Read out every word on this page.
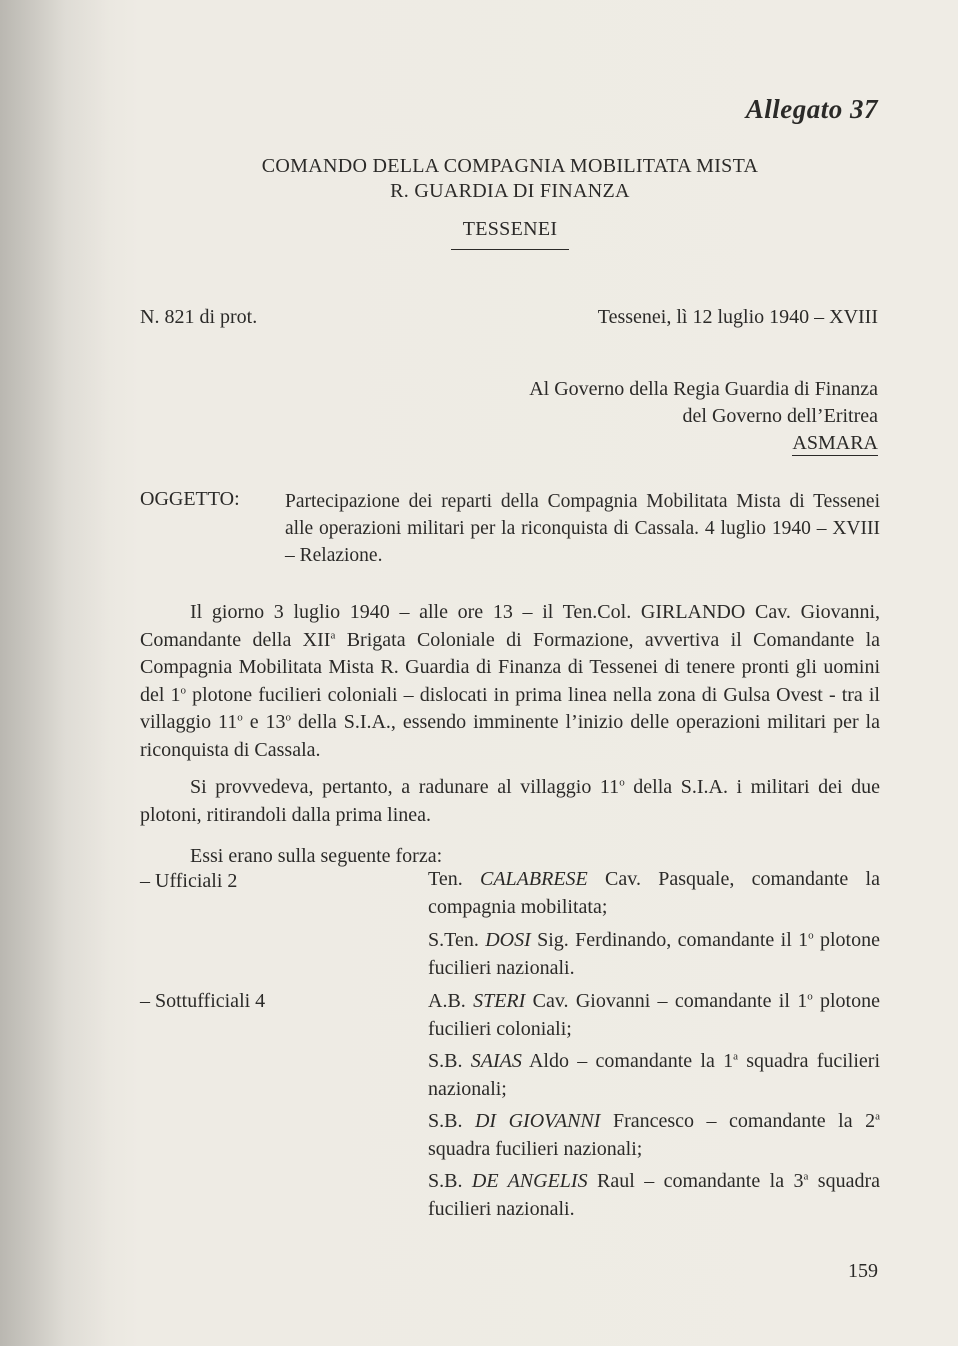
Allegato 37
COMANDO DELLA COMPAGNIA MOBILITATA MISTA
R. GUARDIA DI FINANZA
TESSENEI
N. 821 di prot.	Tessenei, lì 12 luglio 1940 – XVIII
Al Governo della Regia Guardia di Finanza
del Governo dell’Eritrea
ASMARA
OGGETTO: Partecipazione dei reparti della Compagnia Mobilitata Mista di Tessenei alle operazioni militari per la riconquista di Cassala. 4 luglio 1940 – XVIII – Relazione.
Il giorno 3 luglio 1940 – alle ore 13 – il Ten.Col. GIRLANDO Cav. Giovanni, Comandante della XII$^a$ Brigata Coloniale di Formazione, avvertiva il Comandante la Compagnia Mobilitata Mista R. Guardia di Finanza di Tessenei di tenere pronti gli uomini del 1$^o$ plotone fucilieri coloniali – dislocati in prima linea nella zona di Gulsa Ovest - tra il villaggio 11$^o$ e 13$^o$ della S.I.A., essendo imminente l’inizio delle operazioni militari per la riconquista di Cassala.
Si provvedeva, pertanto, a radunare al villaggio 11$^o$ della S.I.A. i militari dei due plotoni, ritirandoli dalla prima linea.
Essi erano sulla seguente forza:
– Ufficiali 2
– Sottufficiali 4
Ten. CALABRESE Cav. Pasquale, comandante la compagnia mobilitata;
S.Ten. DOSI Sig. Ferdinando, comandante il 1$^o$ plotone fucilieri nazionali.
A.B. STERI Cav. Giovanni – comandante il 1$^o$ plotone fucilieri coloniali;
S.B. SAIAS Aldo – comandante la 1$^a$ squadra fucilieri nazionali;
S.B. DI GIOVANNI Francesco – comandante la 2$^a$ squadra fucilieri nazionali;
S.B. DE ANGELIS Raul – comandante la 3$^a$ squadra fucilieri nazionali.
159
